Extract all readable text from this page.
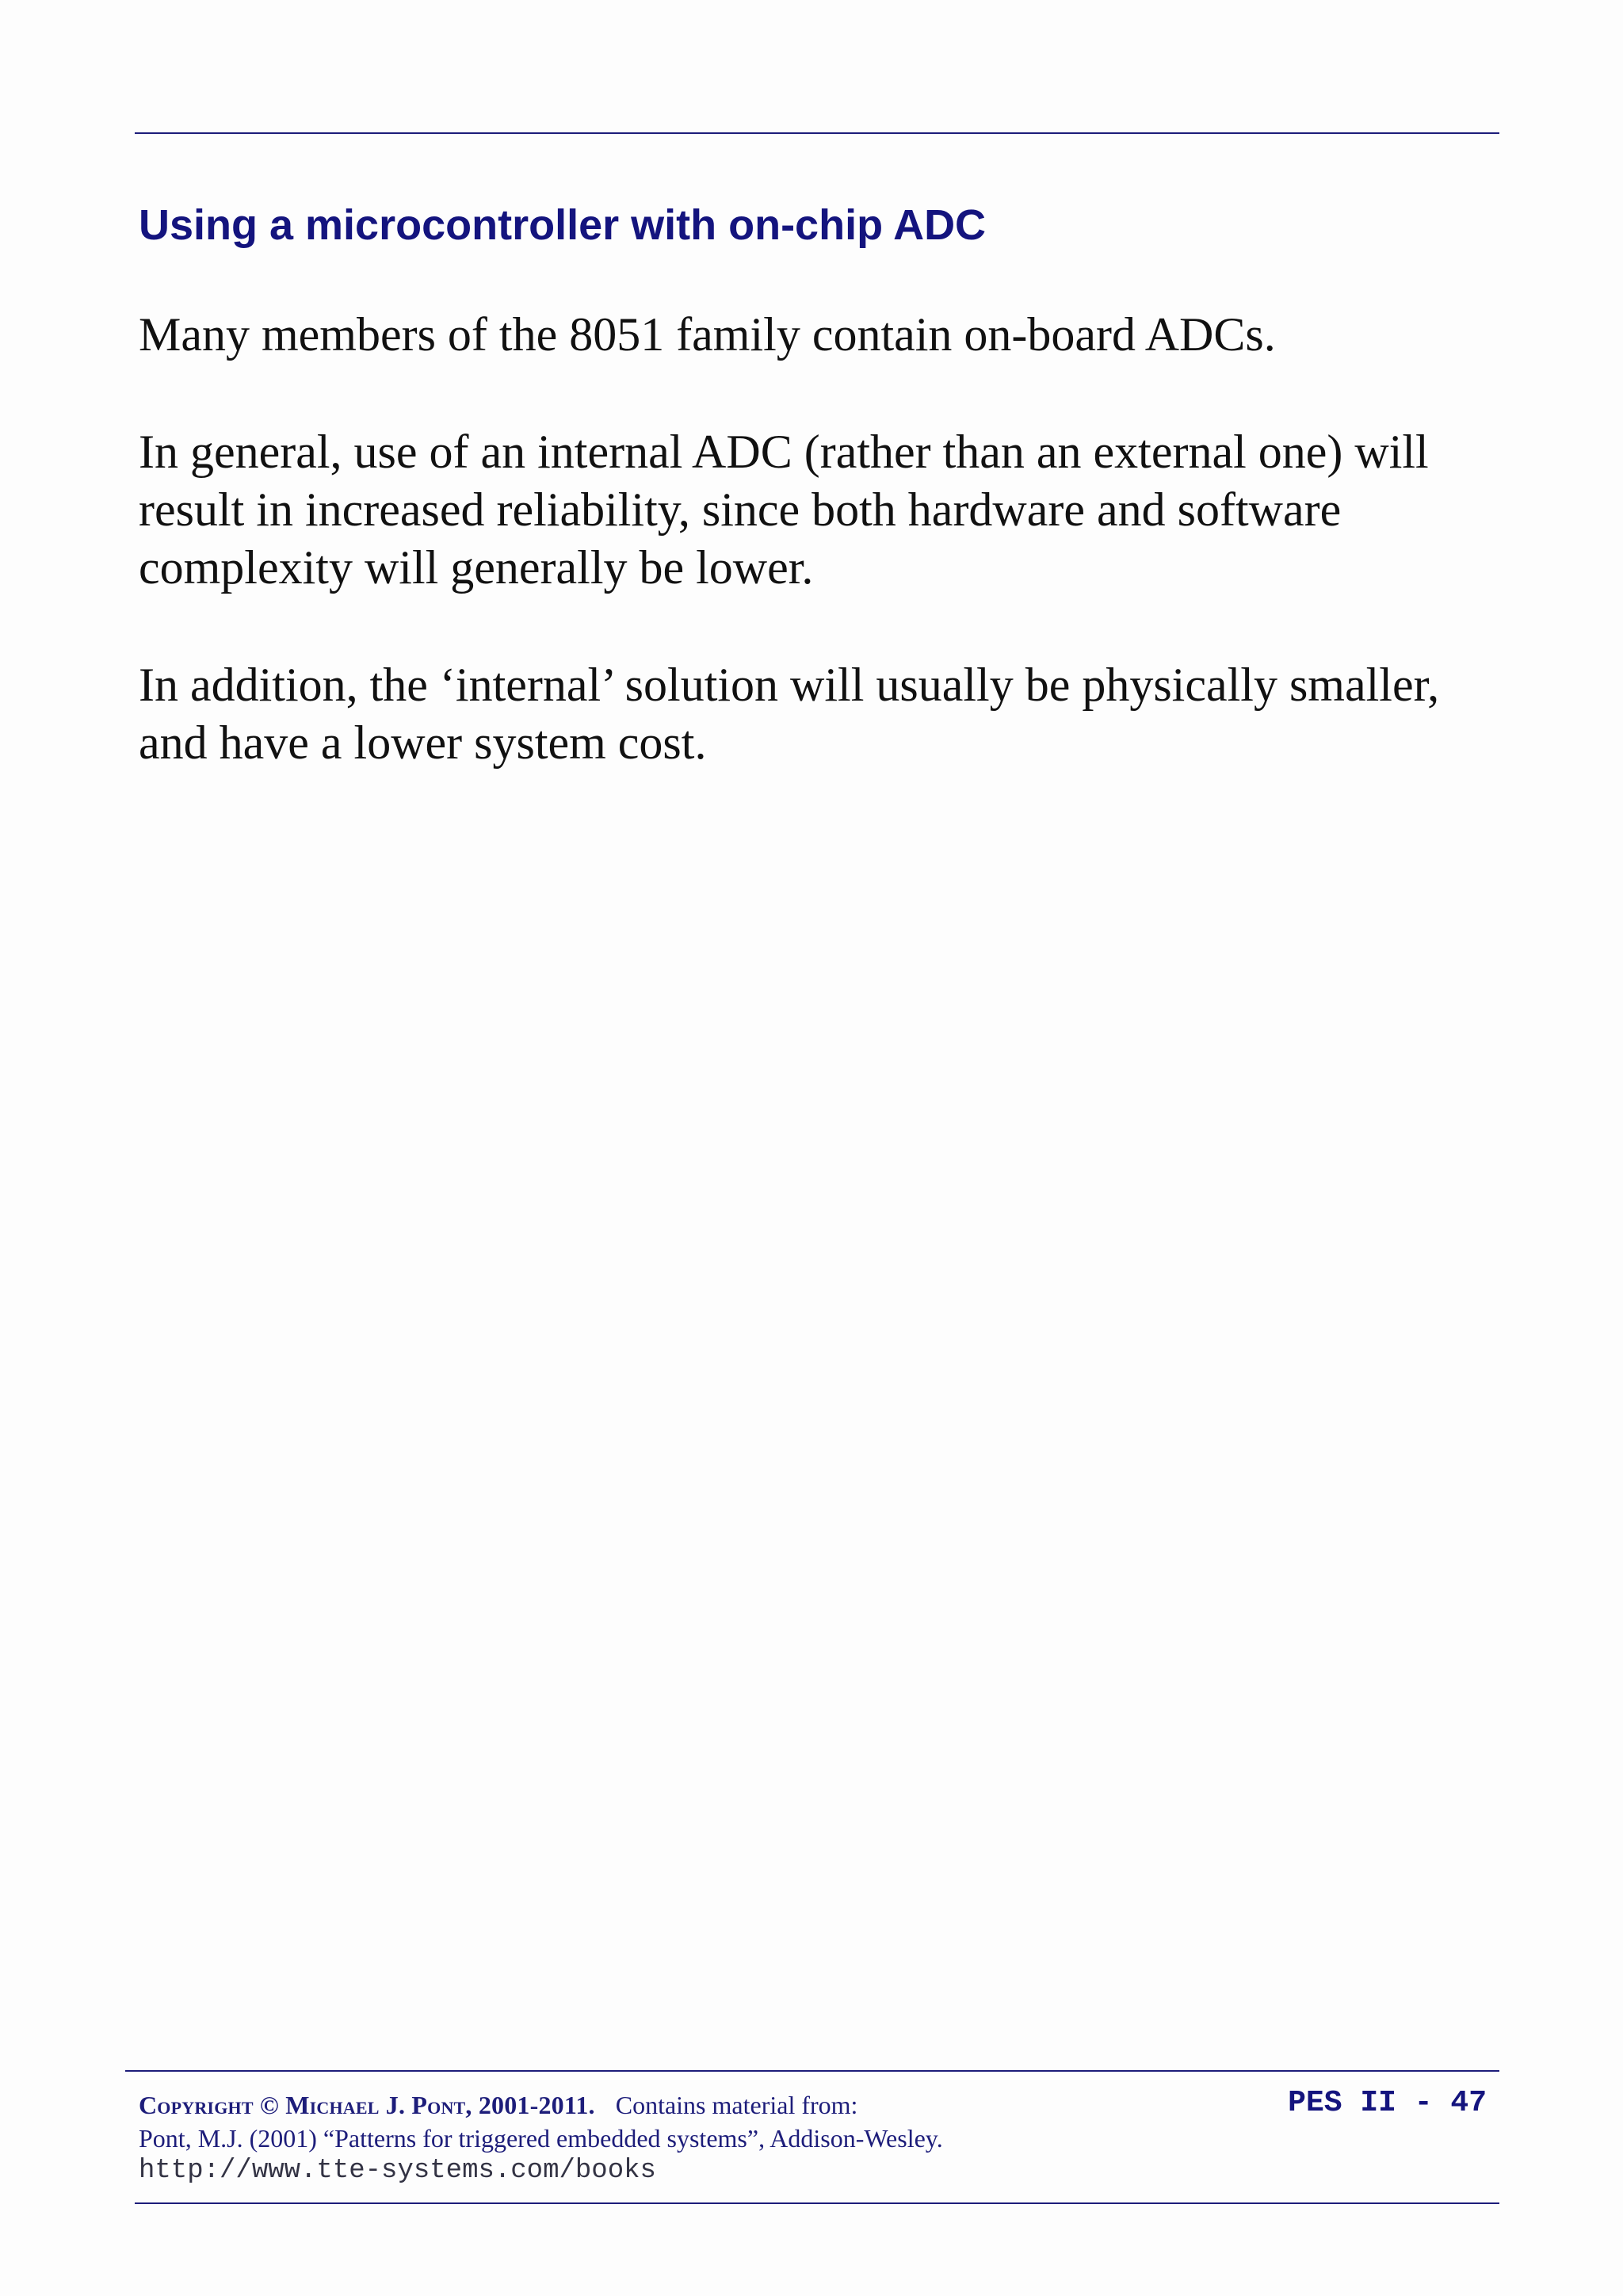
Using a microcontroller with on-chip ADC

Many members of the 8051 family contain on-board ADCs.

In general, use of an internal ADC (rather than an external one) will result in increased reliability, since both hardware and software complexity will generally be lower.

In addition, the ‘internal’ solution will usually be physically smaller, and have a lower system cost.

Copyright © Michael J. Pont, 2001-2011. Contains material from:
Pont, M.J. (2001) “Patterns for triggered embedded systems”, Addison-Wesley.
http://www.tte-systems.com/books
PES II - 47
